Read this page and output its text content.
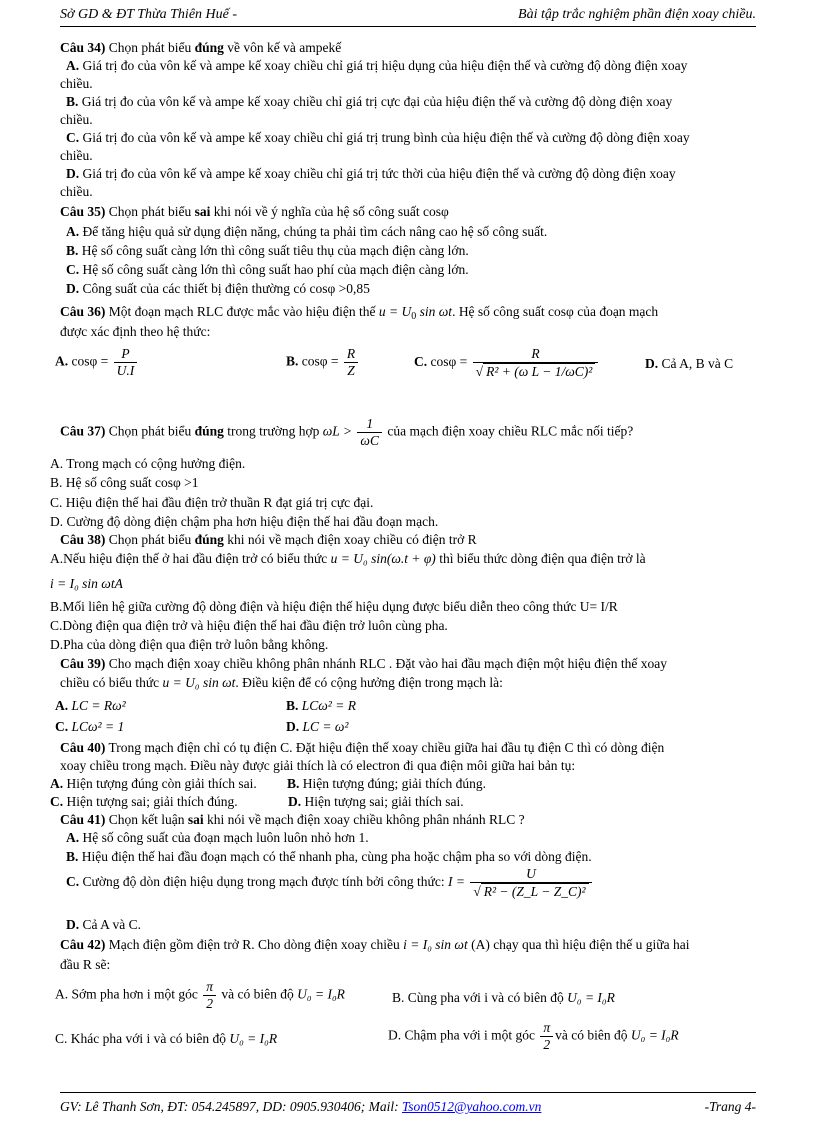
Sở GD & ĐT Thừa Thiên Huế -	Bài tập trắc nghiệm phần điện xoay chiều.
Câu 34) Chọn phát biểu đúng về vôn kế và ampekế
A. Giá trị đo của vôn kế và ampe kế xoay chiều chỉ giá trị hiệu dụng của hiệu điện thế và cường độ dòng điện xoay
chiều.
B. Giá trị đo của vôn kế và ampe kế xoay chiều chỉ giá trị cực đại của hiệu điện thế và cường độ dòng điện xoay
chiều.
C. Giá trị đo của vôn kế và ampe kế xoay chiều chỉ giá trị trung bình của hiệu điện thế và cường độ dòng điện xoay
chiều.
D. Giá trị đo của vôn kế và ampe kế xoay chiều chỉ giá trị tức thời của hiệu điện thế và cường độ dòng điện xoay
chiều.
Câu 35) Chọn phát biểu sai khi nói về ý nghĩa của hệ số công suất cosφ
A. Để tăng hiệu quả sử dụng điện năng, chúng ta phải tìm cách nâng cao hệ số công suất.
B. Hệ số công suất càng lớn thì công suất tiêu thụ của mạch điện càng lớn.
C. Hệ số công suất càng lớn thì công suất hao phí của mạch điện càng lớn.
D. Công suất của các thiết bị điện thường có cosφ >0,85
Câu 36) Một đoạn mạch RLC được mắc vào hiệu điện thế $u = U_0$ sin ωt. Hệ số công suất cosφ của đoạn mạch
được xác định theo hệ thức:
A. $\cos\varphi = \frac{P}{U.I}$	B. $\cos\varphi = \frac{R}{Z}$	C. $\cos\varphi = \frac{R}{\text{√ R² + (ω L − 1/ωC)²}}$	D. Cả A, B và C
Câu 37) Chọn phát biểu đúng trong trường hợp $\omega L > \frac{1}{\omega C}$ của mạch điện xoay chiều RLC mắc nối tiếp?
A. Trong mạch có cộng hưởng điện.
B. Hệ số công suất cosφ >1
C. Hiệu điện thế hai đầu điện trở thuần R đạt giá trị cực đại.
D. Cường độ dòng điện chậm pha hơn hiệu điện thế hai đầu đoạn mạch.
Câu 38) Chọn phát biểu đúng khi nói về mạch điện xoay chiều có điện trở R
A.Nếu hiệu điện thế ở hai đầu điện trở có biểu thức u = U₀ sin(ω.t + φ) thì biểu thức dòng điện qua điện trở là
i = I₀ sin ωtA
B.Mối liên hệ giữa cường độ dòng điện và hiệu điện thế hiệu dụng được biểu diễn theo công thức U= I/R
C.Dòng điện qua điện trở và hiệu điện thế hai đầu điện trở luôn cùng pha.
D.Pha của dòng điện qua điện trở luôn bằng không.
Câu 39) Cho mạch điện xoay chiều không phân nhánh RLC . Đặt vào hai đầu mạch điện một hiệu điện thế xoay
chiều có biểu thức u = U₀ sin ωt. Điều kiện để có cộng hưởng điện trong mạch là:
A. LC = Rω²	B. LCω² = R
C. LCω² = 1	D. LC = ω²
Câu 40) Trong mạch điện chỉ có tụ điện C. Đặt hiệu điện thế xoay chiều giữa hai đầu tụ điện C thì có dòng điện
xoay chiều trong mạch. Điều này được giải thích là có electron đi qua điện môi giữa hai bản tụ:
A. Hiện tượng đúng còn giải thích sai. B. Hiện tượng đúng; giải thích đúng.
C. Hiện tượng sai; giải thích đúng.	D. Hiện tượng sai; giải thích sai.
Câu 41) Chọn kết luận sai khi nói về mạch điện xoay chiều không phân nhánh RLC ?
A. Hệ số công suất của đoạn mạch luôn luôn nhỏ hơn 1.
B. Hiệu điện thế hai đầu đoạn mạch có thể nhanh pha, cùng pha hoặc chậm pha so với dòng điện.
C. Cường độ dòn điện hiệu dụng trong mạch được tính bởi công thức: $I = \frac{U}{\text{√ R² − (Z\_L − Z\_C)²}}$
D. Cả A và C.
Câu 42) Mạch điện gồm điện trở R. Cho dòng điện xoay chiều i = I₀ sin ωt (A) chạy qua thì hiệu điện thế u giữa hai
đầu R sẽ:
A. Sớm pha hơn i một góc $\frac{\pi}{2}$ và có biên độ U₀ = I₀R	B. Cùng pha với i và có biên độ U₀ = I₀R
C. Khác pha với i và có biên độ U₀ = I₀R	D. Chậm pha với i một góc $\frac{\pi}{2}$ và có biên độ U₀ = I₀R
GV: Lê Thanh Sơn, ĐT: 054.245897, DD: 0905.930406; Mail: Tson0512@yahoo.com.vn	-Trang 4-
